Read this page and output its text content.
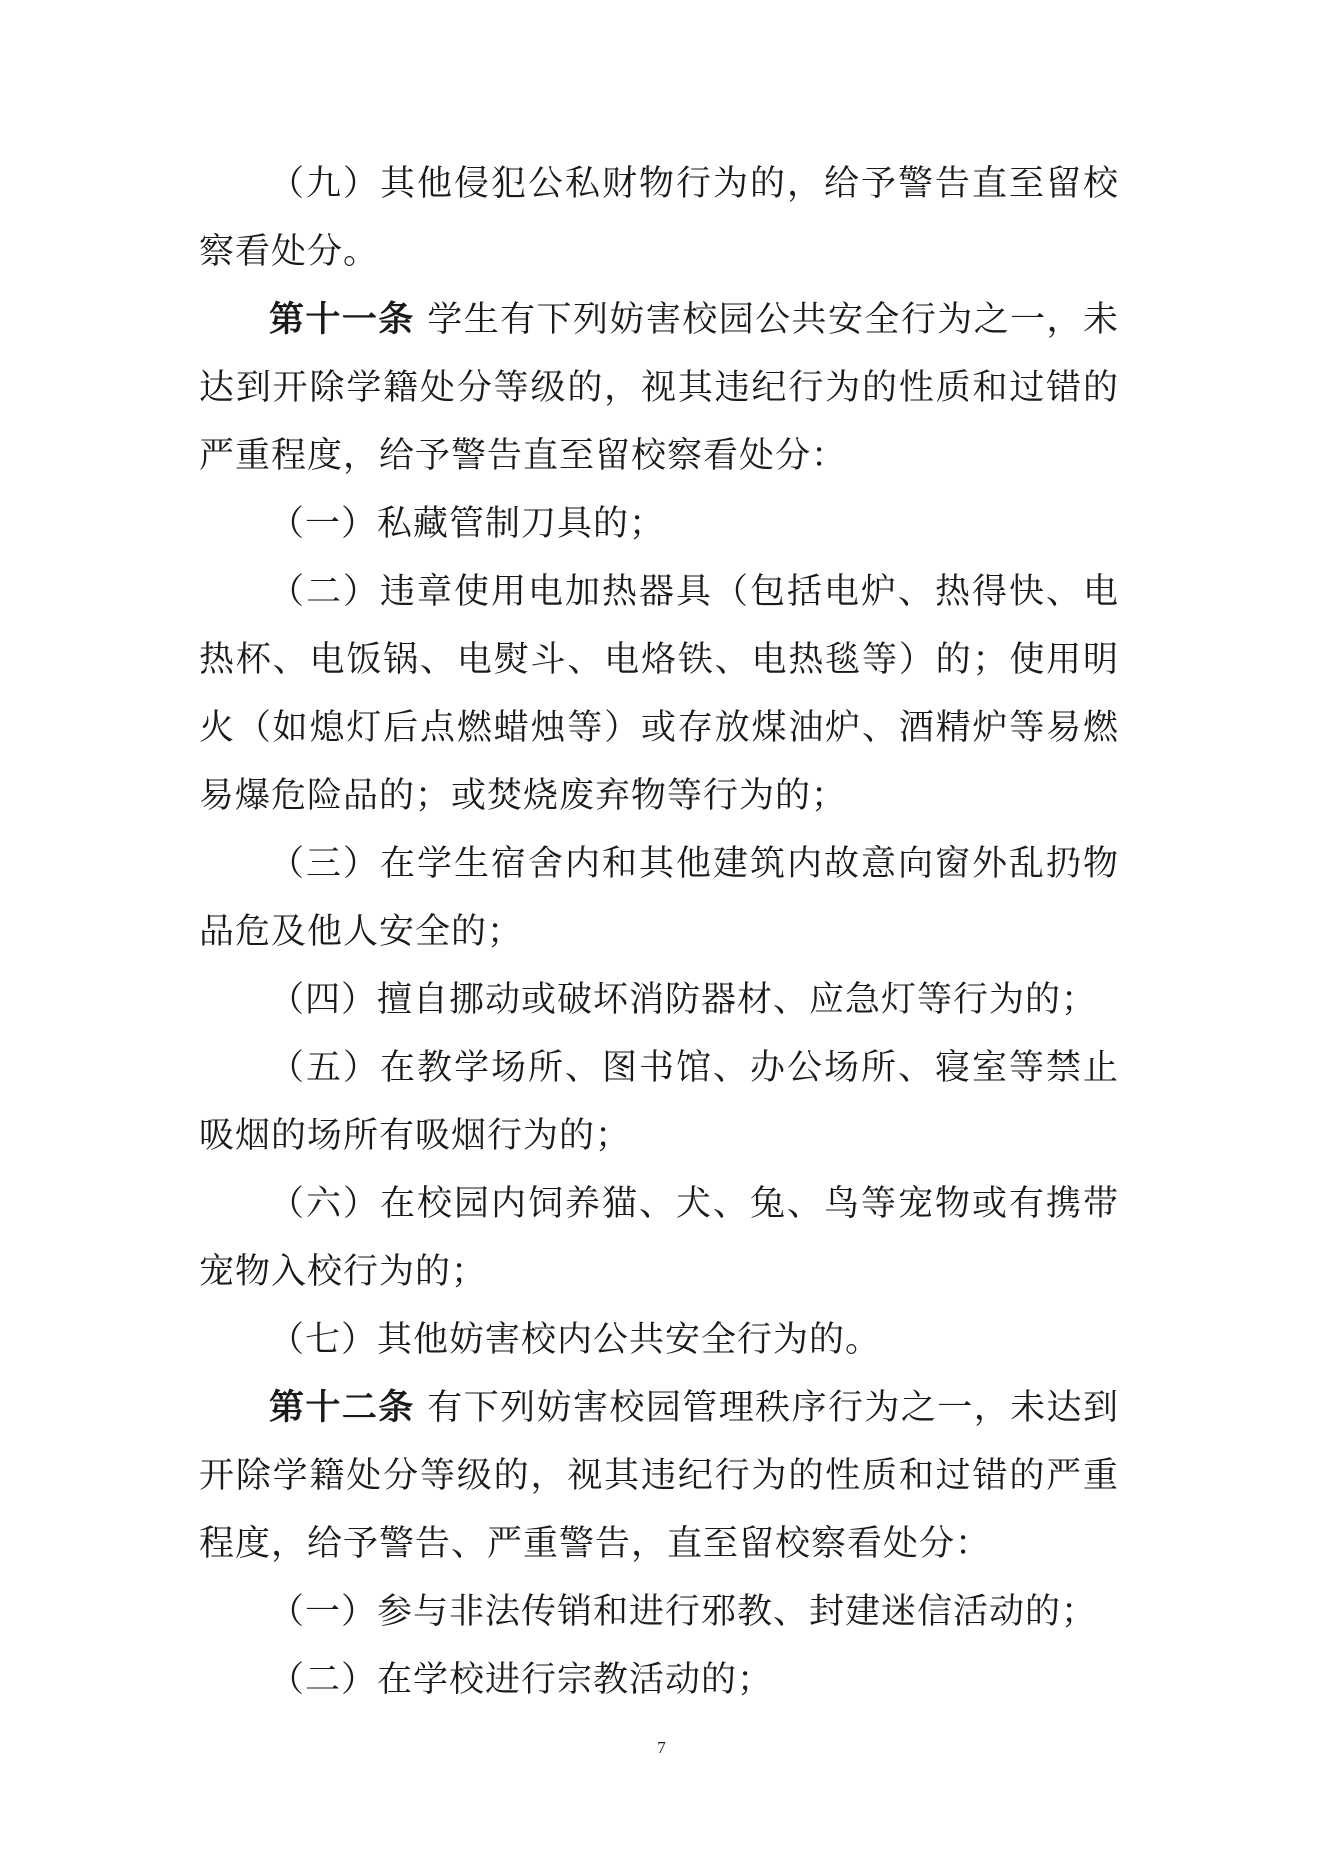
（九）其他侵犯公私财物行为的，给予警告直至留校察看处分。

第十一条 学生有下列妨害校园公共安全行为之一，未达到开除学籍处分等级的，视其违纪行为的性质和过错的严重程度，给予警告直至留校察看处分：

（一）私藏管制刀具的；

（二）违章使用电加热器具（包括电炉、热得快、电热杯、电饭锅、电熨斗、电烙铁、电热毯等）的；使用明火（如熄灯后点燃蜡烛等）或存放煤油炉、酒精炉等易燃易爆危险品的；或焚烧废弃物等行为的；

（三）在学生宿舍内和其他建筑内故意向窗外乱扔物品危及他人安全的；

（四）擅自挪动或破坏消防器材、应急灯等行为的；

（五）在教学场所、图书馆、办公场所、寝室等禁止吸烟的场所有吸烟行为的；

（六）在校园内饲养猫、犬、兔、鸟等宠物或有携带宠物入校行为的；

（七）其他妨害校内公共安全行为的。

第十二条 有下列妨害校园管理秩序行为之一，未达到开除学籍处分等级的，视其违纪行为的性质和过错的严重程度，给予警告、严重警告，直至留校察看处分：

（一）参与非法传销和进行邪教、封建迷信活动的；

（二）在学校进行宗教活动的；

7
